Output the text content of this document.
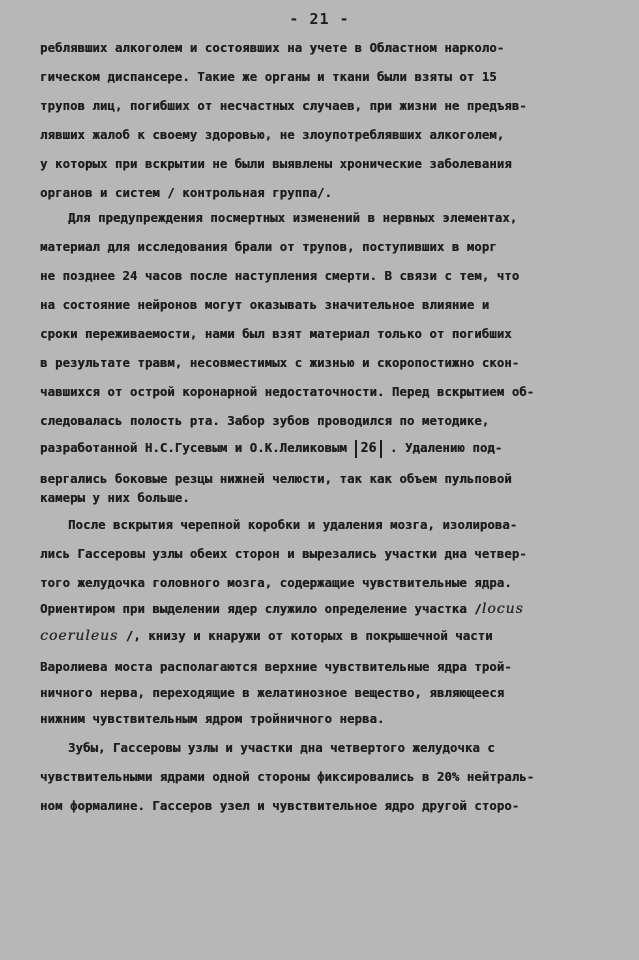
- 21 -
реблявших алкоголем и состоявших на учете в Областном нарколо-
гическом диспансере. Такие же органы и ткани были взяты от 15
трупов лиц, погибших от несчастных случаев, при жизни не предъяв-
лявших жалоб к своему здоровью, не злоупотреблявших алкоголем,
у которых при вскрытии не были выявлены хронические заболевания
органов и систем / контрольная группа/.
Для предупреждения посмертных изменений в нервных элементах,
материал для исследования брали от трупов, поступивших в морг
не позднее 24 часов после наступления смерти. В связи с тем, что
на состояние нейронов могут оказывать значительное влияние и
сроки переживаемости, нами был взят материал только от погибших
в результате травм, несовместимых с жизнью и скоропостижно скон-
чавшихся от острой коронарной недостаточности. Перед вскрытием об-
следовалась полость рта. Забор зубов проводился по методике,
разработанной Н.С.Гусевым и О.К.Леликовым 26 . Удалению под-
вергались боковые резцы нижней челюсти, так как объем пульповой
камеры у них больше.
После вскрытия черепной коробки и удаления мозга, изолирова-
лись Гассеровы узлы обеих сторон и вырезались участки дна четвер-
того желудочка головного мозга, содержащие чувствительные ядра.
Ориентиром при выделении ядер служило определение участка /locus
coeruleus /, книзу и кнаружи от которых в покрышечной части
Варолиева моста располагаются верхние чувствительные ядра трой-
ничного нерва, переходящие в желатинозное вещество, являющееся
нижним чувствительным ядром тройничного нерва.
Зубы, Гассеровы узлы и участки дна четвертого желудочка с
чувствительными ядрами одной стороны фиксировались в 20% нейтраль-
ном формалине. Гассеров узел и чувствительное ядро другой сторо-
